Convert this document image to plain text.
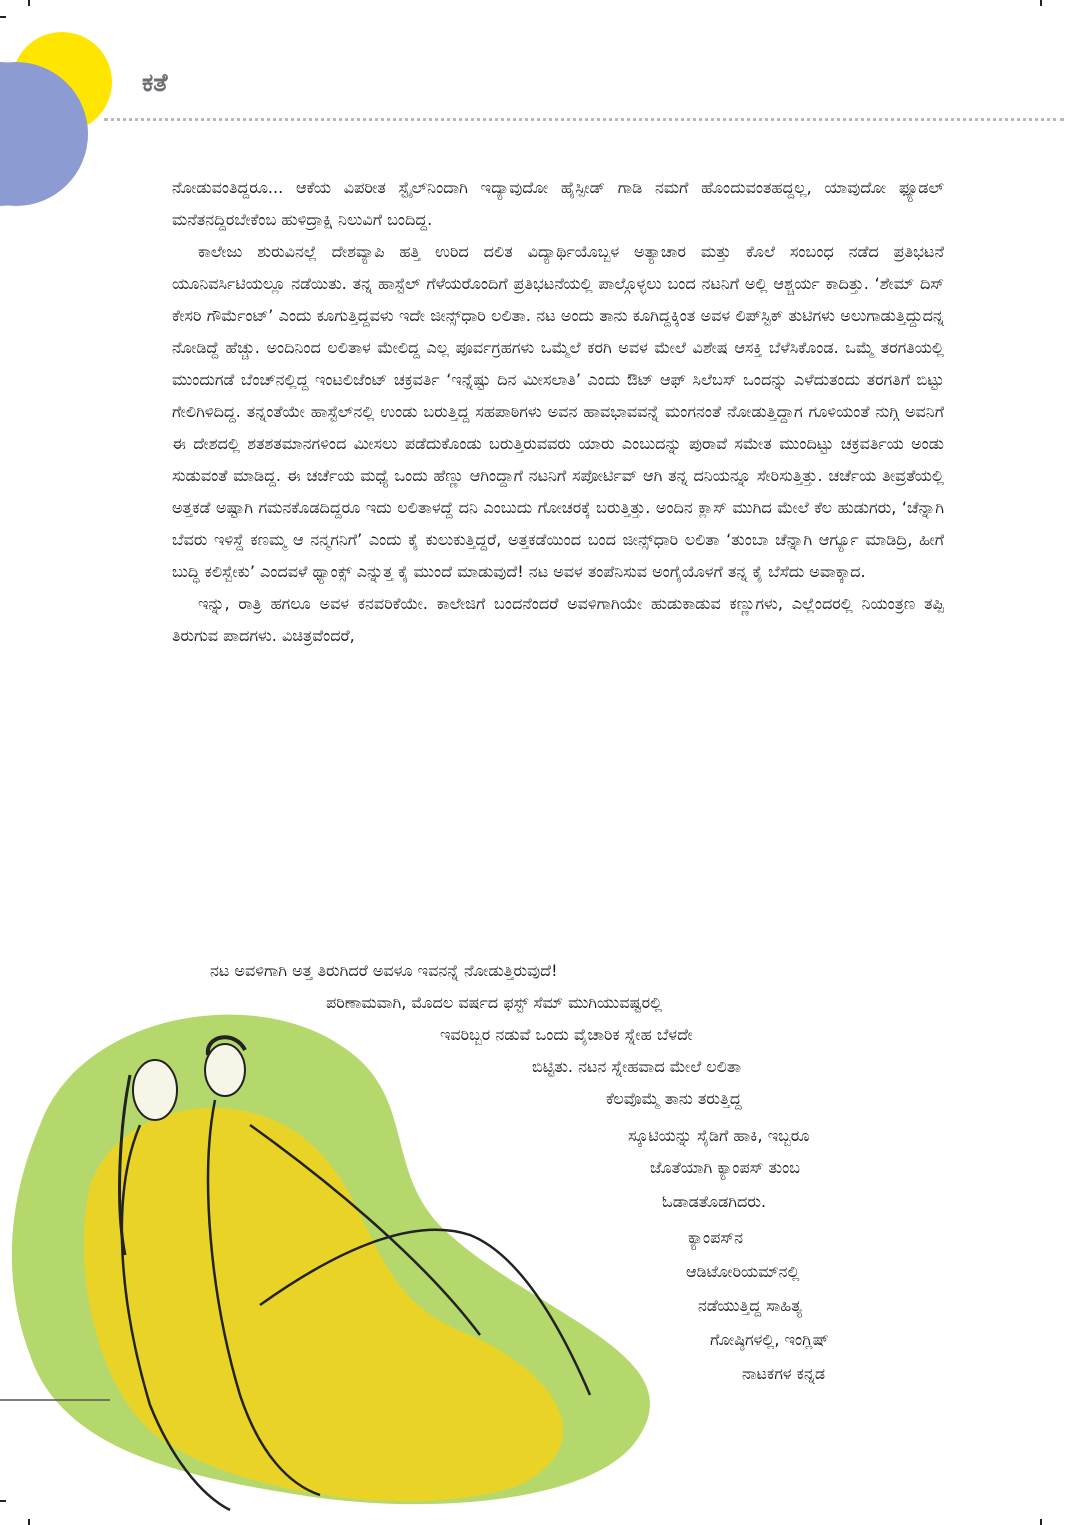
ಕತೆ

ನೋಡುವಂತಿದ್ದರೂ... ಆಕೆಯ ವಿಪರೀತ ಸ್ಟೈಲ್‌ನಿಂದಾಗಿ ಇದ್ಯಾವುದೋ ಹೈಸ್ಪೀಡ್ ಗಾಡಿ ನಮಗೆ ಹೊಂದುವಂತಹದ್ದಲ್ಲ, ಯಾವುದೋ ಫ್ಯೂಡಲ್ ಮನೆತನದ್ದಿರಬೇಕೆಂಬ ಹುಳಿದ್ರಾಕ್ಷಿ ನಿಲುವಿಗೆ ಬಂದಿದ್ದ.

ಕಾಲೇಜು ಶುರುವಿನಲ್ಲೆ ದೇಶವ್ಯಾಪಿ ಹತ್ತಿ ಉರಿದ ದಲಿತ ವಿದ್ಯಾರ್ಥಿಯೊಬ್ಬಳ ಅತ್ಯಾಚಾರ ಮತ್ತು ಕೊಲೆ ಸಂಬಂಧ ನಡೆದ ಪ್ರತಿಭಟನೆ ಯೂನಿವರ್ಸಿಟಿಯಲ್ಲೂ ನಡೆಯಿತು. ತನ್ನ ಹಾಸ್ಟೆಲ್ ಗೆಳೆಯರೊಂದಿಗೆ ಪ್ರತಿಭಟನೆಯಲ್ಲಿ ಪಾಲ್ಗೊಳ್ಳಲು ಬಂದ ನಟನಿಗೆ ಅಲ್ಲಿ ಆಶ್ಚರ್ಯ ಕಾದಿತ್ತು. ‘ಶೇಮ್ ದಿಸ್ ಕೇಸರಿ ಗೌರ್ಮೆಂಟ್’ ಎಂದು ಕೂಗುತ್ತಿದ್ದವಳು ಇದೇ ಜೀನ್ಸ್‌ಧಾರಿ ಲಲಿತಾ. ನಟ ಅಂದು ತಾನು ಕೂಗಿದ್ದಕ್ಕಿಂತ ಅವಳ ಲಿಪ್‌ಸ್ಟಿಕ್ ತುಟಿಗಳು ಅಲುಗಾಡುತ್ತಿದ್ದುದನ್ನ ನೋಡಿದ್ದೆ ಹೆಚ್ಚು. ಅಂದಿನಿಂದ ಲಲಿತಾಳ ಮೇಲಿದ್ದ ಎಲ್ಲ ಪೂರ್ವಗ್ರಹಗಳು ಒಮ್ಮೆಲೆ ಕರಗಿ ಅವಳ ಮೇಲೆ ವಿಶೇಷ ಆಸಕ್ತಿ ಬೆಳೆಸಿಕೊಂಡ. ಒಮ್ಮೆ ತರಗತಿಯಲ್ಲಿ ಮುಂದುಗಡೆ ಬೆಂಚ್‌ನಲ್ಲಿದ್ದ ಇಂಟಲಿಜೆಂಟ್ ಚಕ್ರವರ್ತಿ ‘ಇನ್ನೆಷ್ಟು ದಿನ ಮೀಸಲಾತಿ’ ಎಂದು ಔಟ್ ಆಫ್ ಸಿಲೆಬಸ್ ಒಂದನ್ನು ಎಳೆದುತಂದು ತರಗತಿಗೆ ಬಿಟ್ಟು ಗೇಲಿಗಿಳಿದಿದ್ದ. ತನ್ನಂತೆಯೇ ಹಾಸ್ಟೆಲ್‌ನಲ್ಲಿ ಉಂಡು ಬರುತ್ತಿದ್ದ ಸಹಪಾಠಿಗಳು ಅವನ ಹಾವಭಾವವನ್ನೆ ಮಂಗನಂತೆ ನೋಡುತ್ತಿದ್ದಾಗ ಗೂಳಿಯಂತೆ ನುಗ್ಗಿ ಅವನಿಗೆ ಈ ದೇಶದಲ್ಲಿ ಶತಶತಮಾನಗಳಿಂದ ಮೀಸಲು ಪಡೆದುಕೊಂಡು ಬರುತ್ತಿರುವವರು ಯಾರು ಎಂಬುದನ್ನು ಪುರಾವೆ ಸಮೇತ ಮುಂದಿಟ್ಟು ಚಕ್ರವರ್ತಿಯ ಅಂಡು ಸುಡುವಂತೆ ಮಾಡಿದ್ದ. ಈ ಚರ್ಚೆಯ ಮಧ್ಯೆ ಒಂದು ಹೆಣ್ಣು ಆಗಿಂದ್ದಾಗೆ ನಟನಿಗೆ ಸಪೋರ್ಟಿವ್ ಆಗಿ ತನ್ನ ದನಿಯನ್ನೂ ಸೇರಿಸುತ್ತಿತ್ತು. ಚರ್ಚೆಯ ತೀವ್ರತೆಯಲ್ಲಿ ಅತ್ತಕಡೆ ಅಷ್ಟಾಗಿ ಗಮನಕೊಡದಿದ್ದರೂ ಇದು ಲಲಿತಾಳದ್ದೆ ದನಿ ಎಂಬುದು ಗೋಚರಕ್ಕೆ ಬರುತ್ತಿತ್ತು. ಅಂದಿನ ಕ್ಲಾಸ್ ಮುಗಿದ ಮೇಲೆ ಕೆಲ ಹುಡುಗರು, ‘ಚೆನ್ನಾಗಿ ಬೆವರು ಇಳಿಸ್ದೆ ಕಣಮ್ಮ ಆ ನನ್ಮಗನಿಗೆ’ ಎಂದು ಕೈ ಕುಲುಕುತ್ತಿದ್ದರೆ, ಅತ್ತಕಡೆಯಿಂದ ಬಂದ ಜೀನ್ಸ್‌ಧಾರಿ ಲಲಿತಾ ‘ತುಂಬಾ ಚೆನ್ನಾಗಿ ಆರ್ಗ್ಯೂ ಮಾಡಿದ್ರಿ, ಹೀಗೆ ಬುದ್ಧಿ ಕಲಿಸ್ಬೇಕು’ ಎಂದವಳೆ ಥ್ಯಾಂಕ್ಸ್ ಎನ್ನುತ್ತ ಕೈ ಮುಂದೆ ಮಾಡುವುದೆ! ನಟ ಅವಳ ತಂಪೆನಿಸುವ ಅಂಗೈಯೊಳಗೆ ತನ್ನ ಕೈ ಬೆಸೆದು ಅವಾಕ್ಕಾದ.

ಇನ್ನು, ರಾತ್ರಿ ಹಗಲೂ ಅವಳ ಕನವರಿಕೆಯೇ. ಕಾಲೇಜಿಗೆ ಬಂದನೆಂದರೆ ಅವಳಿಗಾಗಿಯೇ ಹುಡುಕಾಡುವ ಕಣ್ಣುಗಳು, ಎಲ್ಲೆಂದರಲ್ಲಿ ನಿಯಂತ್ರಣ ತಪ್ಪಿ ತಿರುಗುವ ಪಾದಗಳು. ವಿಚಿತ್ರವೆಂದರೆ,

ನಟ ಅವಳಿಗಾಗಿ ಅತ್ತ ತಿರುಗಿದರೆ ಅವಳೂ ಇವನನ್ನೆ ನೋಡುತ್ತಿರುವುದೆ!
ಪರಿಣಾಮವಾಗಿ, ಮೊದಲ ವರ್ಷದ ಫಸ್ಟ್ ಸೆಮ್ ಮುಗಿಯುವಷ್ಟರಲ್ಲಿ
ಇವರಿಬ್ಬರ ನಡುವೆ ಒಂದು ವೈಚಾರಿಕ ಸ್ನೇಹ ಬೆಳದೇ
ಬಿಟ್ಟಿತು. ನಟನ ಸ್ನೇಹವಾದ ಮೇಲೆ ಲಲಿತಾ
ಕೆಲವೊಮ್ಮೆ ತಾನು ತರುತ್ತಿದ್ದ
ಸ್ಕೂಟಿಯನ್ನು ಸೈಡಿಗೆ ಹಾಕಿ, ಇಬ್ಬರೂ
ಜೊತೆಯಾಗಿ ಕ್ಯಾಂಪಸ್ ತುಂಬ
ಓಡಾಡತೊಡಗಿದರು.
ಕ್ಯಾಂಪಸ್‌ನ
ಆಡಿಟೋರಿಯಮ್‌ನಲ್ಲಿ
ನಡೆಯುತ್ತಿದ್ದ ಸಾಹಿತ್ಯ
ಗೋಷ್ಠಿಗಳಲ್ಲಿ, ಇಂಗ್ಲಿಷ್
ನಾಟಕಗಳ ಕನ್ನಡ
